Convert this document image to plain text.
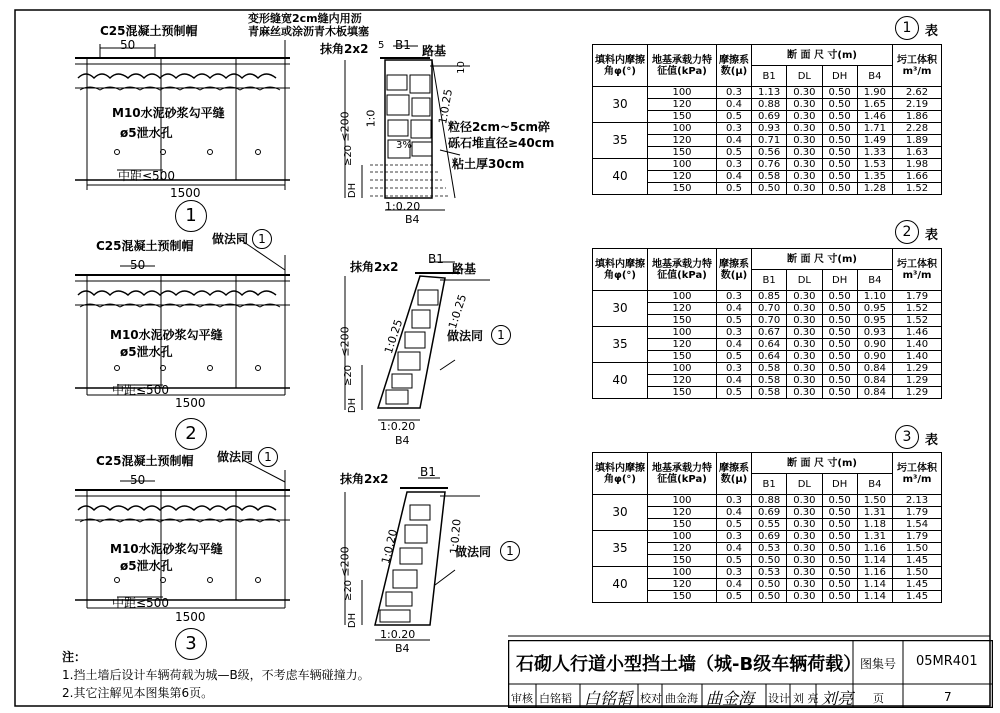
C25混凝土预制帽
变形缝宽2cm缝内用沥
青麻丝或涂沥青木板填塞
50
M10水泥砂浆勾平缝
ø5泄水孔
中距≤500
1500
1
C25混凝土预制帽 做法同 1
50
M10水泥砂浆勾平缝
ø5泄水孔
中距≤500
1500
2
C25混凝土预制帽 做法同 1
50
M10水泥砂浆勾平缝
ø5泄水孔
中距≤500
1500
3
抹角2x2 5 B1 路基
10
≤200 1:0	1:0.25
粒径2cm~5cm碎
砾石堆直径≥40cm
3%
粘土厚30cm
≥20
DH
1:0.20
B4
抹角2x2
B1
路基
≤200	1:0.25
1:0.25
做法同	1
≥20
DH
1:0.20
B4
抹角2x2	B1
≤200 1:0.20	1:0.20
做法同	1
≥20
DH
1:0.20
B4
1	表
填料内摩擦角φ(°)	地基承载力特征值(kPa)	摩擦系数(μ)	断 面 尺 寸(m)				圬工体积m³/m
			B1	DL	DH	B4	
30	100	0.3	1.13	0.30	0.50	1.90	2.62
	120	0.4	0.88	0.30	0.50	1.65	2.19
	150	0.5	0.69	0.30	0.50	1.46	1.86
35	100	0.3	0.93	0.30	0.50	1.71	2.28
	120	0.4	0.71	0.30	0.50	1.49	1.89
	150	0.5	0.56	0.30	0.50	1.33	1.63
40	100	0.3	0.76	0.30	0.50	1.53	1.98
	120	0.4	0.58	0.30	0.50	1.35	1.66
	150	0.5	0.50	0.30	0.50	1.28	1.52
2	表
填料内摩擦角φ(°)	地基承载力特征值(kPa)	摩擦系数(μ)	断 面 尺 寸(m)				圬工体积m³/m
			B1	DL	DH	B4	
30	100	0.3	0.85	0.30	0.50	1.10	1.79
	120	0.4	0.70	0.30	0.50	0.95	1.52
	150	0.5	0.70	0.30	0.50	0.95	1.52
35	100	0.3	0.67	0.30	0.50	0.93	1.46
	120	0.4	0.64	0.30	0.50	0.90	1.40
	150	0.5	0.64	0.30	0.50	0.90	1.40
40	100	0.3	0.58	0.30	0.50	0.84	1.29
	120	0.4	0.58	0.30	0.50	0.84	1.29
	150	0.5	0.58	0.30	0.50	0.84	1.29
3	表
填料内摩擦角φ(°)	地基承载力特征值(kPa)	摩擦系数(μ)	断 面 尺 寸(m)				圬工体积m³/m
			B1	DL	DH	B4	
30	100	0.3	0.88	0.30	0.50	1.50	2.13
	120	0.4	0.69	0.30	0.50	1.31	1.79
	150	0.5	0.55	0.30	0.50	1.18	1.54
35	100	0.3	0.69	0.30	0.50	1.31	1.79
	120	0.4	0.53	0.30	0.50	1.16	1.50
	150	0.5	0.50	0.30	0.50	1.14	1.45
40	100	0.3	0.53	0.30	0.50	1.16	1.50
	120	0.4	0.50	0.30	0.50	1.14	1.45
	150	0.5	0.50	0.30	0.50	1.14	1.45
注：
1.挡土墙后设计车辆荷载为城—B级，不考虑车辆碰撞力。
2.其它注解见本图集第6页。
石砌人行道小型挡土墙（城-B级车辆荷载）
图集号 05MR401
审核 白铭韬 白铭韬 校对 曲金海 曲金海 设计 刘 亮 刘亮 页	7
